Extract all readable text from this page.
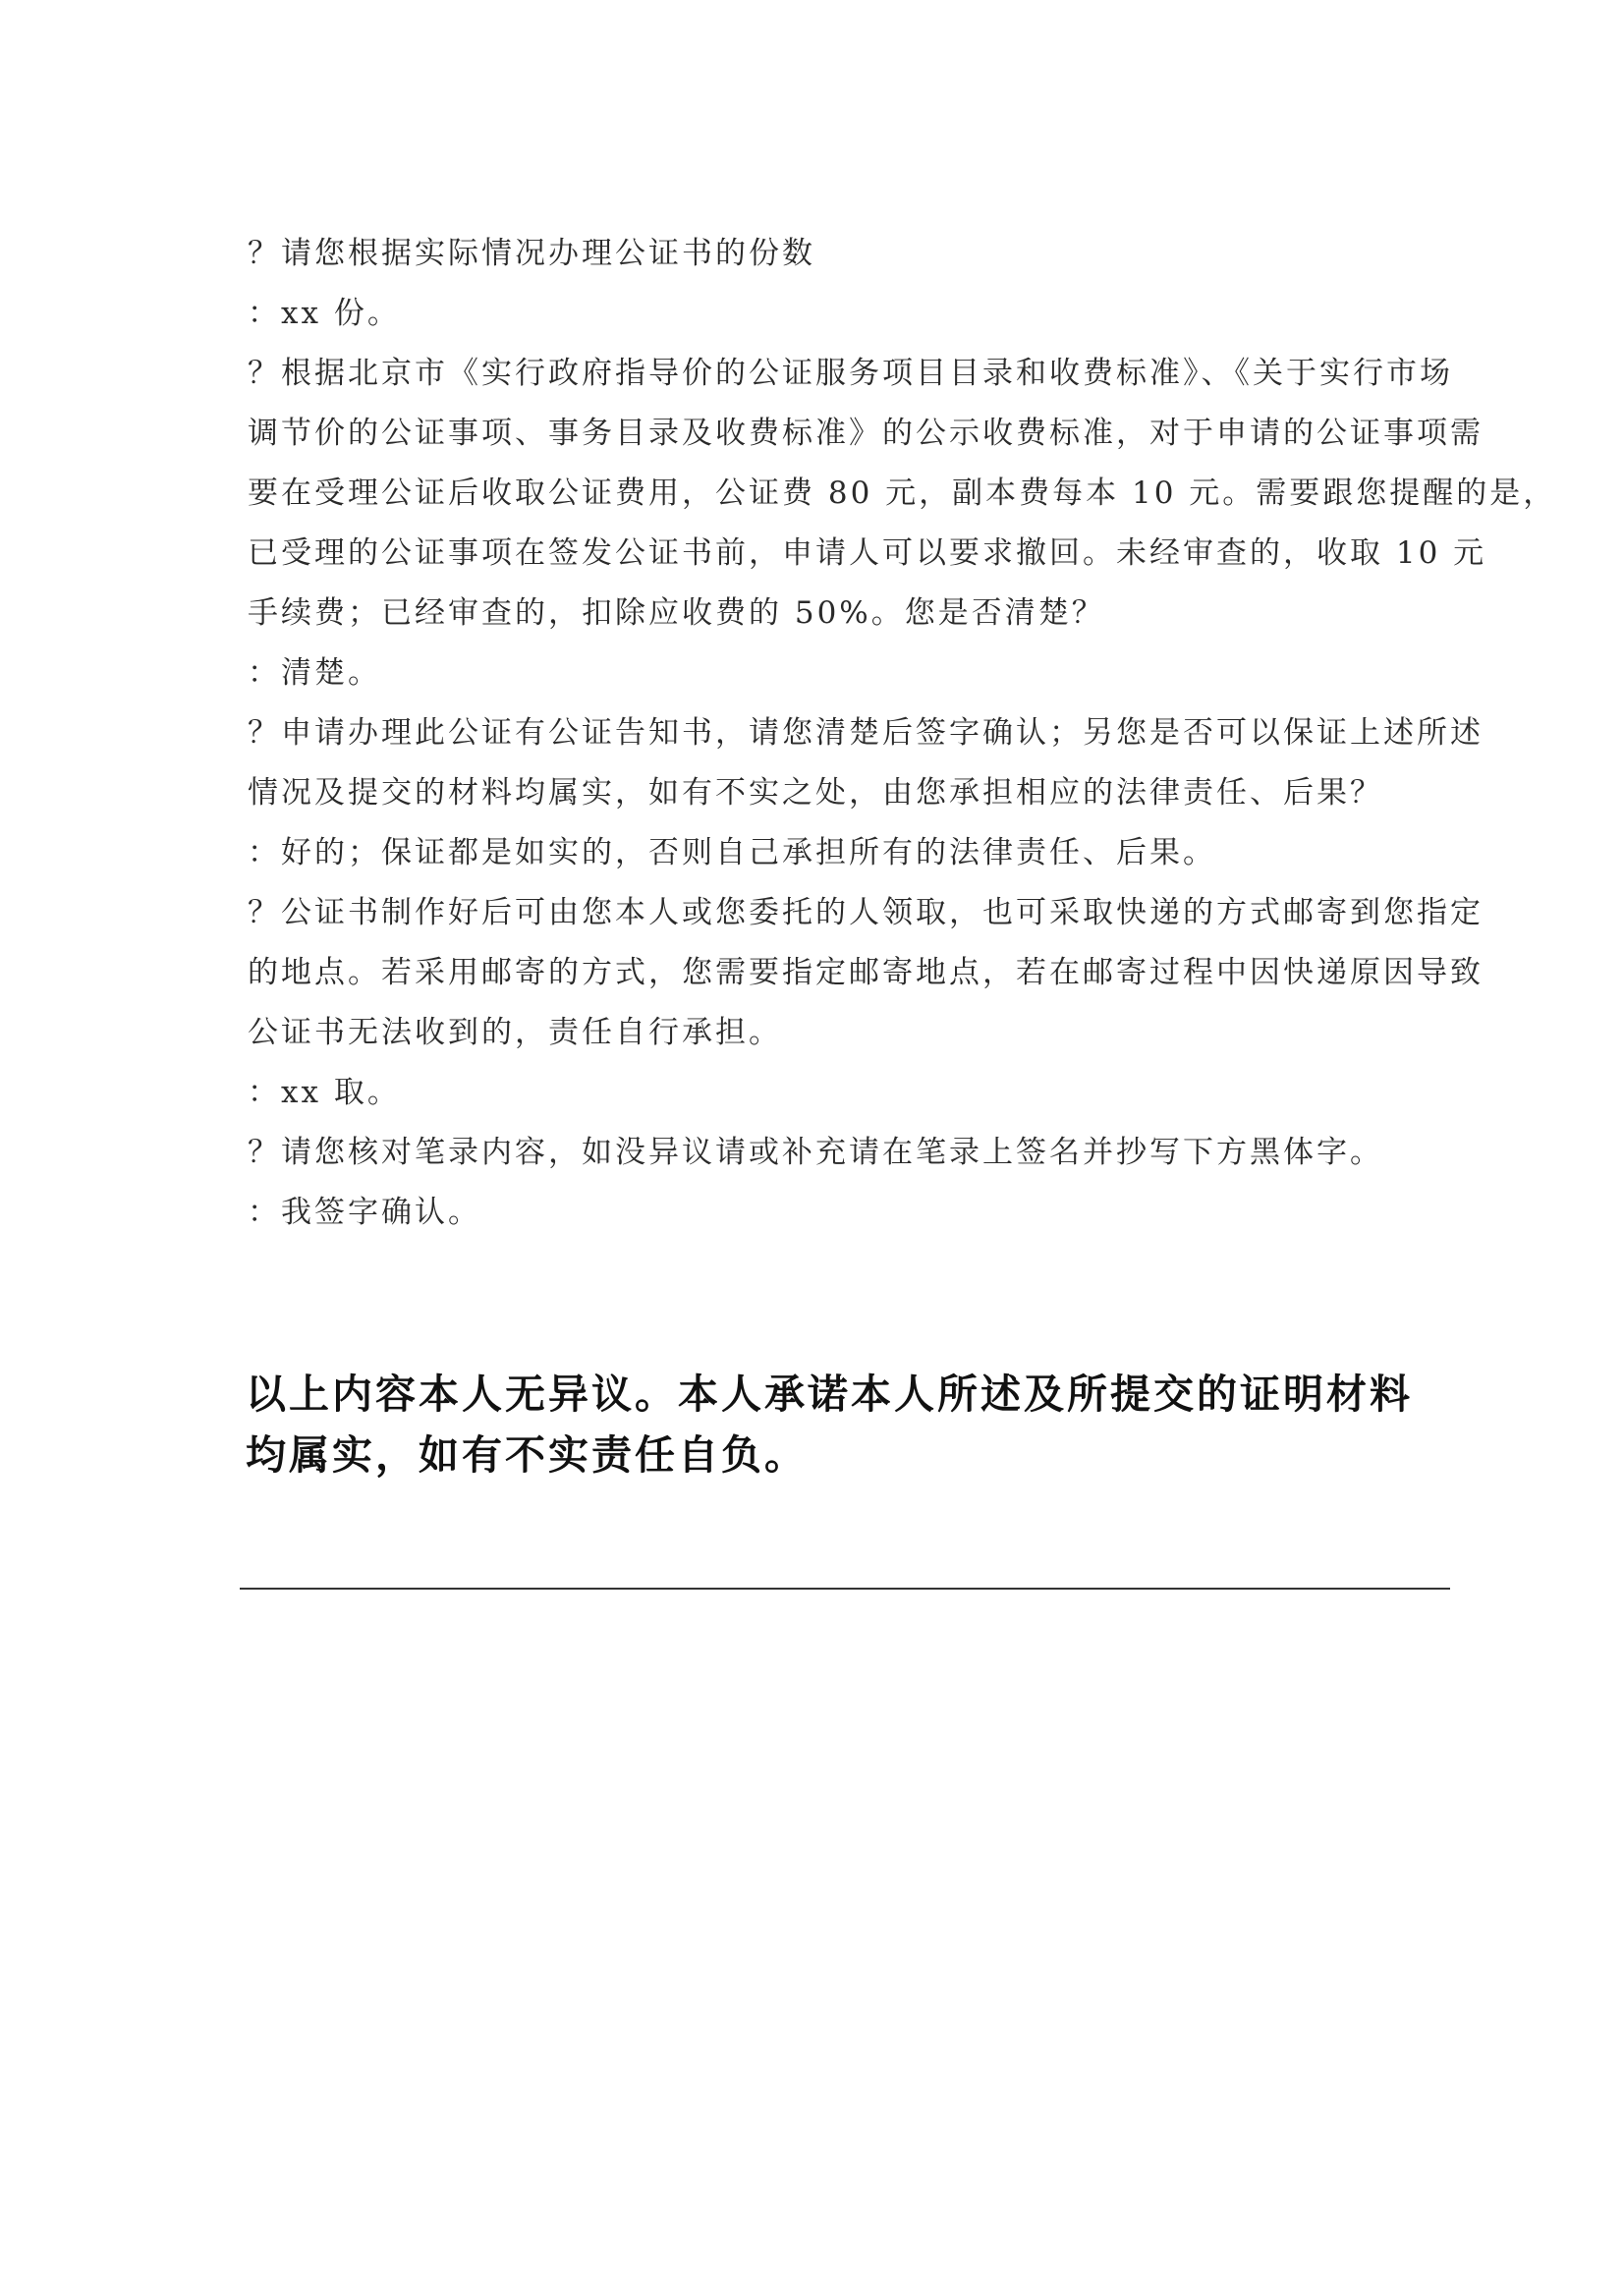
？请您根据实际情况办理公证书的份数
：xx 份。
？根据北京市《实行政府指导价的公证服务项目目录和收费标准》、《关于实行市场
调节价的公证事项、事务目录及收费标准》的公示收费标准，对于申请的公证事项需
要在受理公证后收取公证费用，公证费 80 元，副本费每本 10 元。需要跟您提醒的是，
已受理的公证事项在签发公证书前，申请人可以要求撤回。未经审查的，收取 10 元
手续费；已经审查的，扣除应收费的 50%。您是否清楚？
：清楚。
？申请办理此公证有公证告知书，请您清楚后签字确认；另您是否可以保证上述所述
情况及提交的材料均属实，如有不实之处，由您承担相应的法律责任、后果？
：好的；保证都是如实的，否则自己承担所有的法律责任、后果。
？公证书制作好后可由您本人或您委托的人领取，也可采取快递的方式邮寄到您指定
的地点。若采用邮寄的方式，您需要指定邮寄地点，若在邮寄过程中因快递原因导致
公证书无法收到的，责任自行承担。
：xx 取。
？请您核对笔录内容，如没异议请或补充请在笔录上签名并抄写下方黑体字。
：我签字确认。
以上内容本人无异议。本人承诺本人所述及所提交的证明材料
均属实，如有不实责任自负。
